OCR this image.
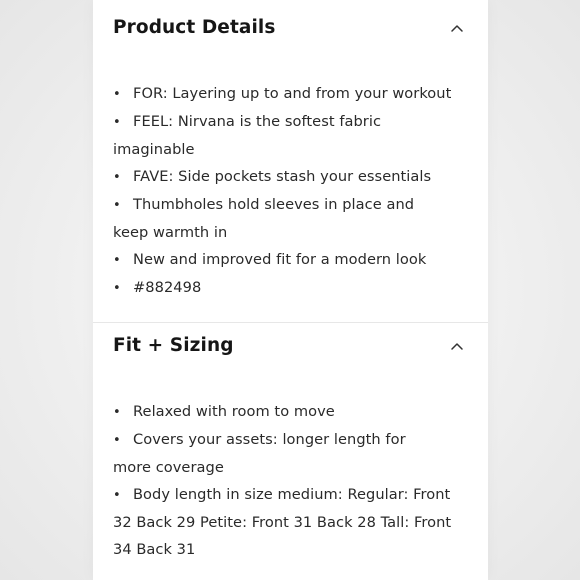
Product Details
• FOR: Layering up to and from your workout
• FEEL: Nirvana is the softest fabric imaginable
• FAVE: Side pockets stash your essentials
• Thumbholes hold sleeves in place and keep warmth in
• New and improved fit for a modern look
• #882498
Fit + Sizing
• Relaxed with room to move
• Covers your assets: longer length for more coverage
• Body length in size medium: Regular: Front 32 Back 29 Petite: Front 31 Back 28 Tall: Front 34 Back 31
